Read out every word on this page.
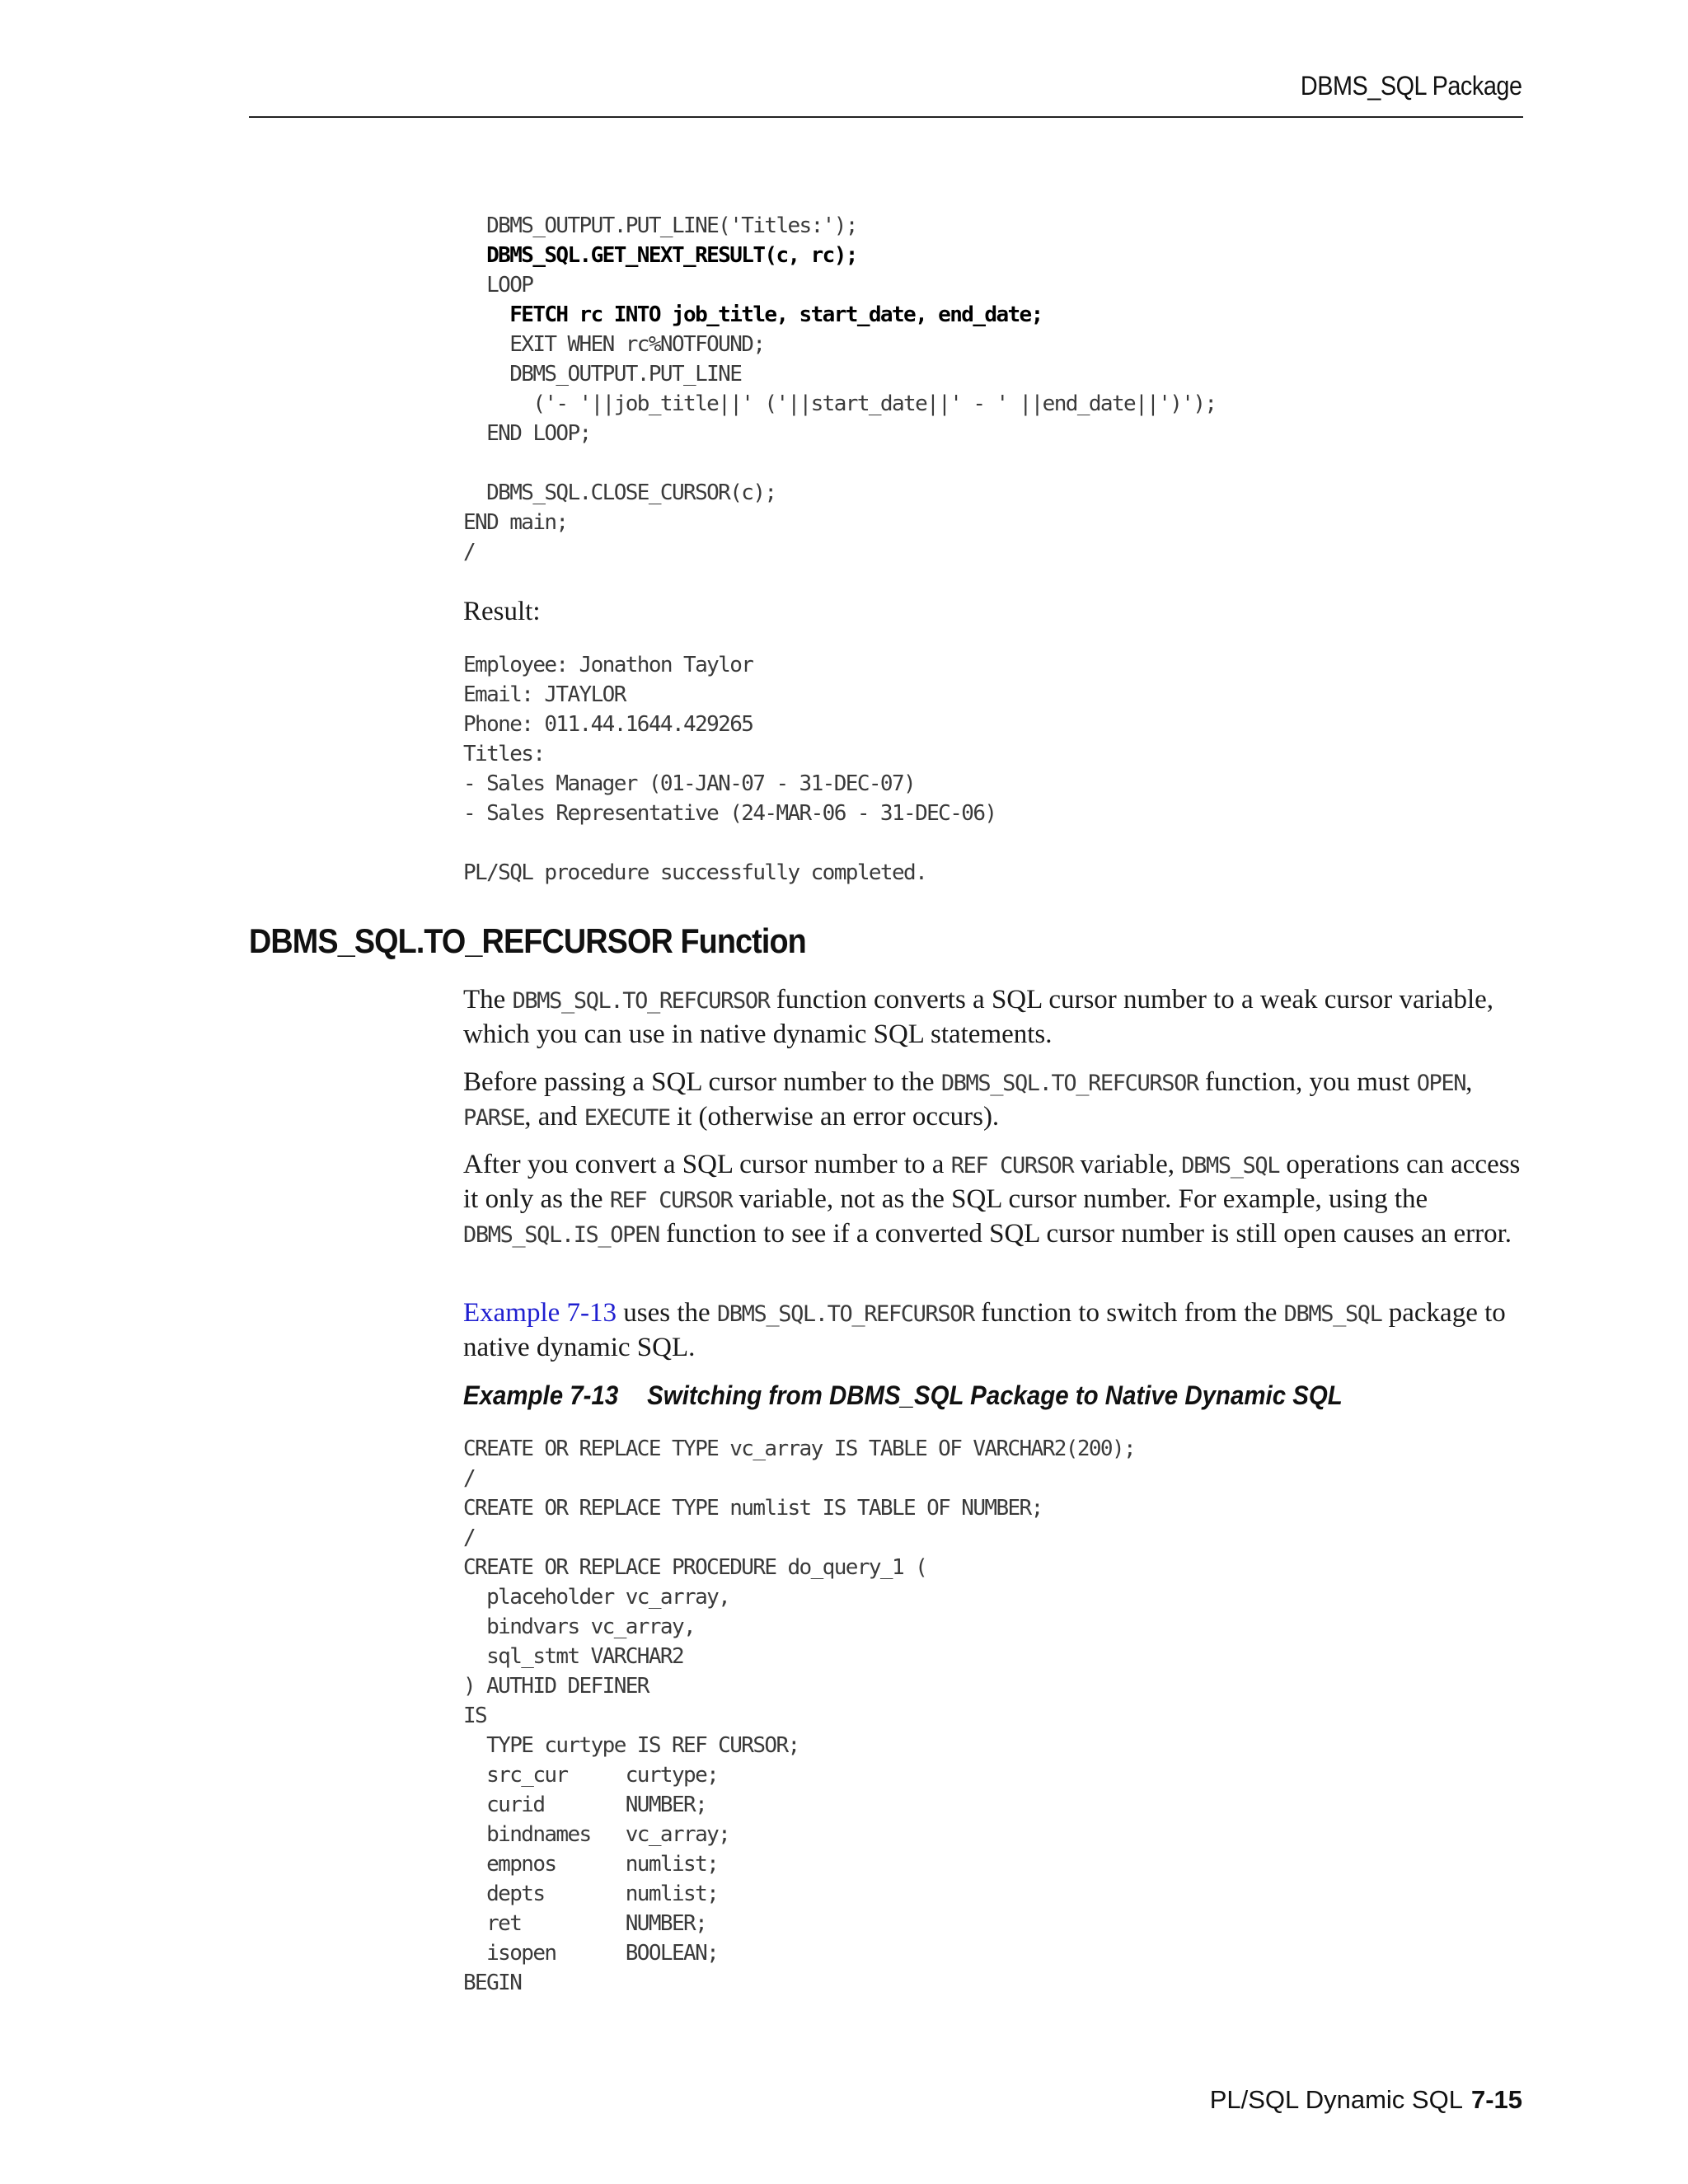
DBMS_SQL Package
DBMS_OUTPUT.PUT_LINE('Titles:');
DBMS_SQL.GET_NEXT_RESULT(c, rc);
LOOP
FETCH rc INTO job_title, start_date, end_date;
EXIT WHEN rc%NOTFOUND;
DBMS_OUTPUT.PUT_LINE
('- '||job_title||' ('||start_date||' - ' ||end_date||')');
END LOOP;

DBMS_SQL.CLOSE_CURSOR(c);
END main;
/
Result:
Employee: Jonathon Taylor
Email: JTAYLOR
Phone: 011.44.1644.429265
Titles:
- Sales Manager (01-JAN-07 - 31-DEC-07)
- Sales Representative (24-MAR-06 - 31-DEC-06)

PL/SQL procedure successfully completed.
DBMS_SQL.TO_REFCURSOR Function

The DBMS_SQL.TO_REFCURSOR function converts a SQL cursor number to a weak cursor variable, which you can use in native dynamic SQL statements.

Before passing a SQL cursor number to the DBMS_SQL.TO_REFCURSOR function, you must OPEN, PARSE, and EXECUTE it (otherwise an error occurs).

After you convert a SQL cursor number to a REF CURSOR variable, DBMS_SQL operations can access it only as the REF CURSOR variable, not as the SQL cursor number. For example, using the DBMS_SQL.IS_OPEN function to see if a converted SQL cursor number is still open causes an error.

Example 7-13 uses the DBMS_SQL.TO_REFCURSOR function to switch from the DBMS_SQL package to native dynamic SQL.

Example 7-13 Switching from DBMS_SQL Package to Native Dynamic SQL
CREATE OR REPLACE TYPE vc_array IS TABLE OF VARCHAR2(200);
/
CREATE OR REPLACE TYPE numlist IS TABLE OF NUMBER;
/
CREATE OR REPLACE PROCEDURE do_query_1 (
placeholder vc_array,
bindvars vc_array,
sql_stmt VARCHAR2
) AUTHID DEFINER
IS
TYPE curtype IS REF CURSOR;
src_cur     curtype;
curid       NUMBER;
bindnames   vc_array;
empnos      numlist;
depts       numlist;
ret         NUMBER;
isopen      BOOLEAN;
BEGIN
PL/SQL Dynamic SQL 7-15
